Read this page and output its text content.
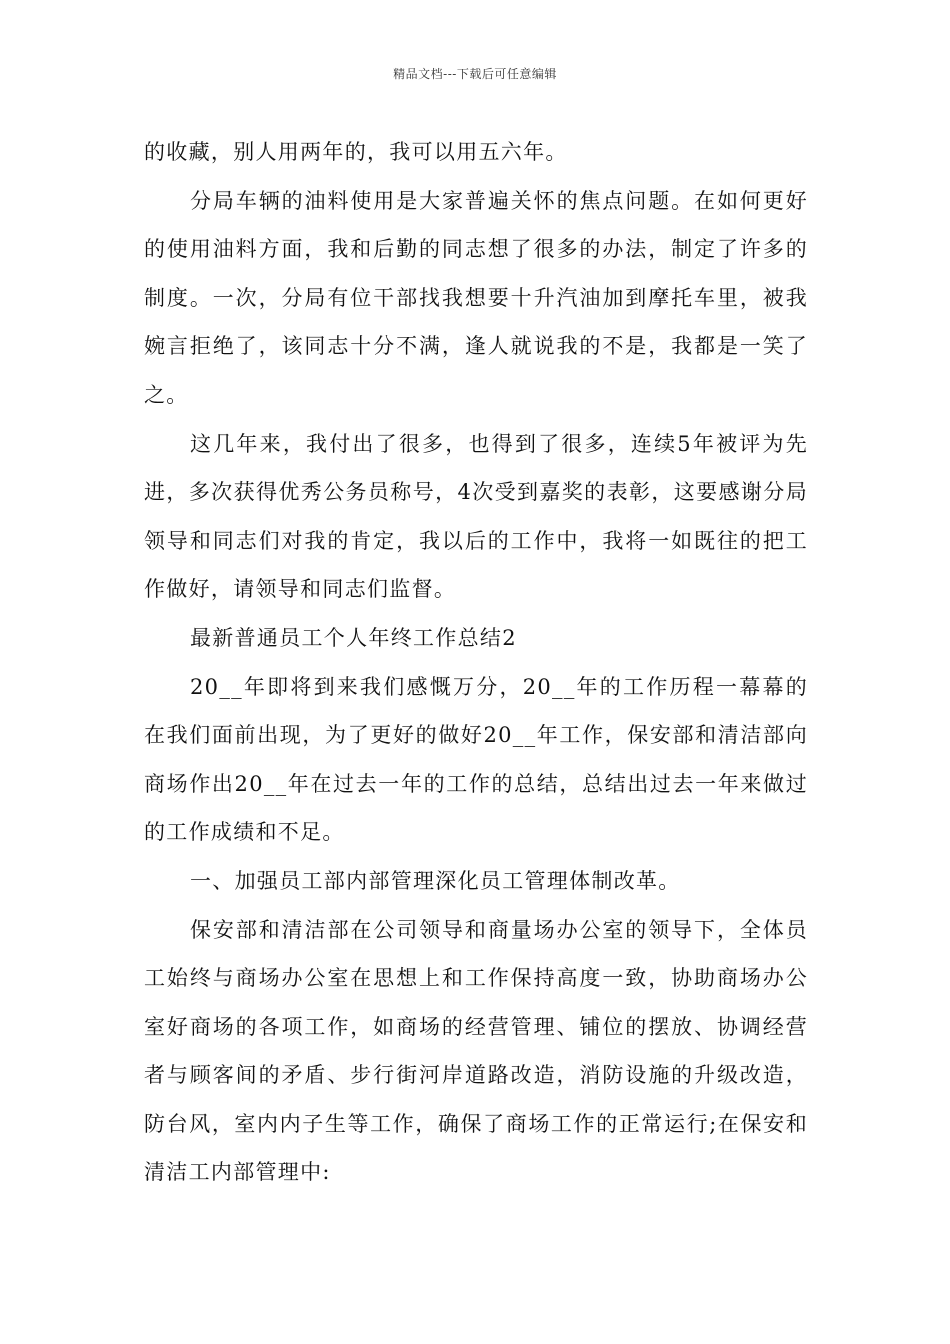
精品文档---下载后可任意编辑

的收藏，别人用两年的，我可以用五六年。

分局车辆的油料使用是大家普遍关怀的焦点问题。在如何更好的使用油料方面，我和后勤的同志想了很多的办法，制定了许多的制度。一次，分局有位干部找我想要十升汽油加到摩托车里，被我婉言拒绝了，该同志十分不满，逢人就说我的不是，我都是一笑了之。

这几年来，我付出了很多，也得到了很多，连续5年被评为先进，多次获得优秀公务员称号，4次受到嘉奖的表彰，这要感谢分局领导和同志们对我的肯定，我以后的工作中，我将一如既往的把工作做好，请领导和同志们监督。

最新普通员工个人年终工作总结2

20__年即将到来我们感慨万分，20__年的工作历程一幕幕的在我们面前出现，为了更好的做好20__年工作，保安部和清洁部向商场作出20__年在过去一年的工作的总结，总结出过去一年来做过的工作成绩和不足。

一、加强员工部内部管理深化员工管理体制改革。

保安部和清洁部在公司领导和商量场办公室的领导下，全体员工始终与商场办公室在思想上和工作保持高度一致，协助商场办公室好商场的各项工作，如商场的经营管理、铺位的摆放、协调经营者与顾客间的矛盾、步行街河岸道路改造，消防设施的升级改造，防台风，室内内子生等工作，确保了商场工作的正常运行;在保安和清洁工内部管理中:
